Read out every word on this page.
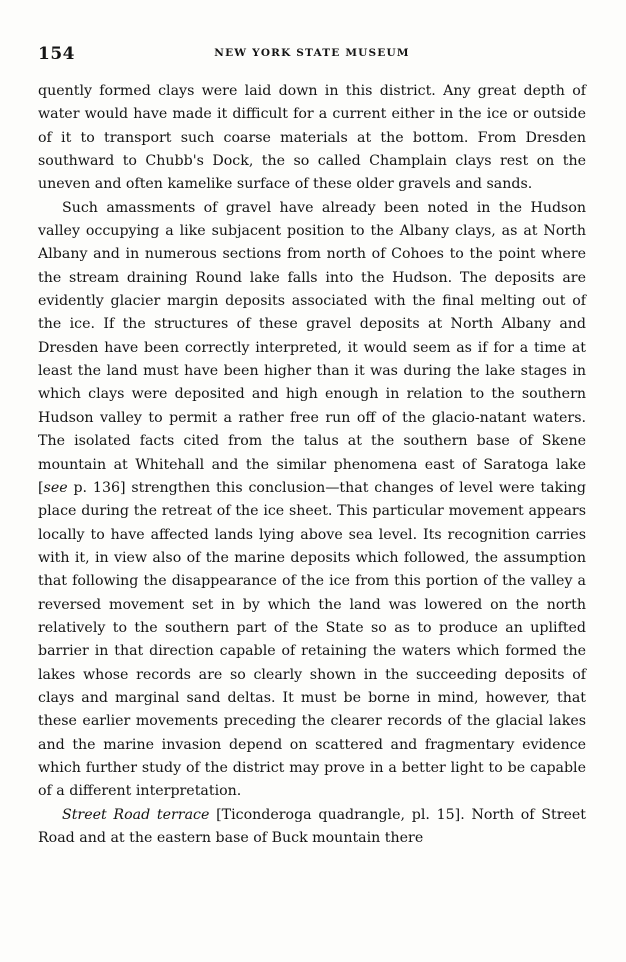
154	NEW YORK STATE MUSEUM

quently formed clays were laid down in this district. Any great depth of water would have made it difficult for a current either in the ice or outside of it to transport such coarse materials at the bottom. From Dresden southward to Chubb's Dock, the so called Champlain clays rest on the uneven and often kamelike surface of these older gravels and sands.

Such amassments of gravel have already been noted in the Hudson valley occupying a like subjacent position to the Albany clays, as at North Albany and in numerous sections from north of Cohoes to the point where the stream draining Round lake falls into the Hudson. The deposits are evidently glacier margin deposits associated with the final melting out of the ice. If the structures of these gravel deposits at North Albany and Dresden have been correctly interpreted, it would seem as if for a time at least the land must have been higher than it was during the lake stages in which clays were deposited and high enough in relation to the southern Hudson valley to permit a rather free run off of the glacio-natant waters. The isolated facts cited from the talus at the southern base of Skene mountain at Whitehall and the similar phenomena east of Saratoga lake [see p. 136] strengthen this conclusion—that changes of level were taking place during the retreat of the ice sheet. This particular movement appears locally to have affected lands lying above sea level. Its recognition carries with it, in view also of the marine deposits which followed, the assumption that following the disappearance of the ice from this portion of the valley a reversed movement set in by which the land was lowered on the north relatively to the southern part of the State so as to produce an uplifted barrier in that direction capable of retaining the waters which formed the lakes whose records are so clearly shown in the succeeding deposits of clays and marginal sand deltas. It must be borne in mind, however, that these earlier movements preceding the clearer records of the glacial lakes and the marine invasion depend on scattered and fragmentary evidence which further study of the district may prove in a better light to be capable of a different interpretation.

Street Road terrace [Ticonderoga quadrangle, pl. 15]. North of Street Road and at the eastern base of Buck mountain there
